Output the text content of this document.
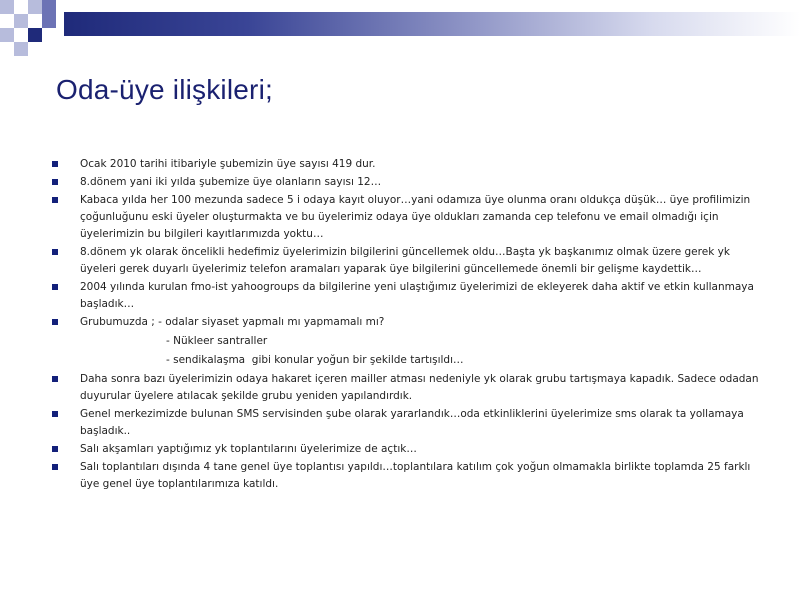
Oda-üye ilişkileri;
Ocak 2010 tarihi itibariyle şubemizin üye sayısı 419 dur.
8.dönem yani iki yılda şubemize üye olanların sayısı 12…
Kabaca yılda her 100 mezunda sadece 5 i odaya kayıt oluyor…yani odamıza üye olunma oranı oldukça düşük… üye profilimizin çoğunluğunu eski üyeler oluşturmakta ve bu üyelerimiz odaya üye oldukları zamanda cep telefonu ve email olmadığı için üyelerimizin bu bilgileri kayıtlarımızda yoktu…
8.dönem yk olarak öncelikli hedefimiz üyelerimizin bilgilerini güncellemek oldu…Başta yk başkanımız olmak üzere gerek yk üyeleri gerek duyarlı üyelerimiz telefon aramaları yaparak üye bilgilerini güncellemede önemli bir gelişme kaydettik…
2004 yılında kurulan fmo-ist yahoogroups da bilgilerine yeni ulaştığımız üyelerimizi de ekleyerek daha aktif ve etkin kullanmaya başladık…
Grubumuzda ; - odalar siyaset yapmalı mı yapmamalı mı?
- Nükleer santraller
- sendikalaşma  gibi konular yoğun bir şekilde tartışıldı…
Daha sonra bazı üyelerimizin odaya hakaret içeren mailler atması nedeniyle yk olarak grubu tartışmaya kapadık. Sadece odadan duyurular üyelere atılacak şekilde grubu yeniden yapılandırdık.
Genel merkezimizde bulunan SMS servisinden şube olarak yararlandık…oda etkinliklerini üyelerimize sms olarak ta yollamaya başladık..
Salı akşamları yaptığımız yk toplantılarını üyelerimize de açtık…
Salı toplantıları dışında 4 tane genel üye toplantısı yapıldı…toplantılara katılım çok yoğun olmamakla birlikte toplamda 25 farklı üye genel üye toplantılarımıza katıldı.
